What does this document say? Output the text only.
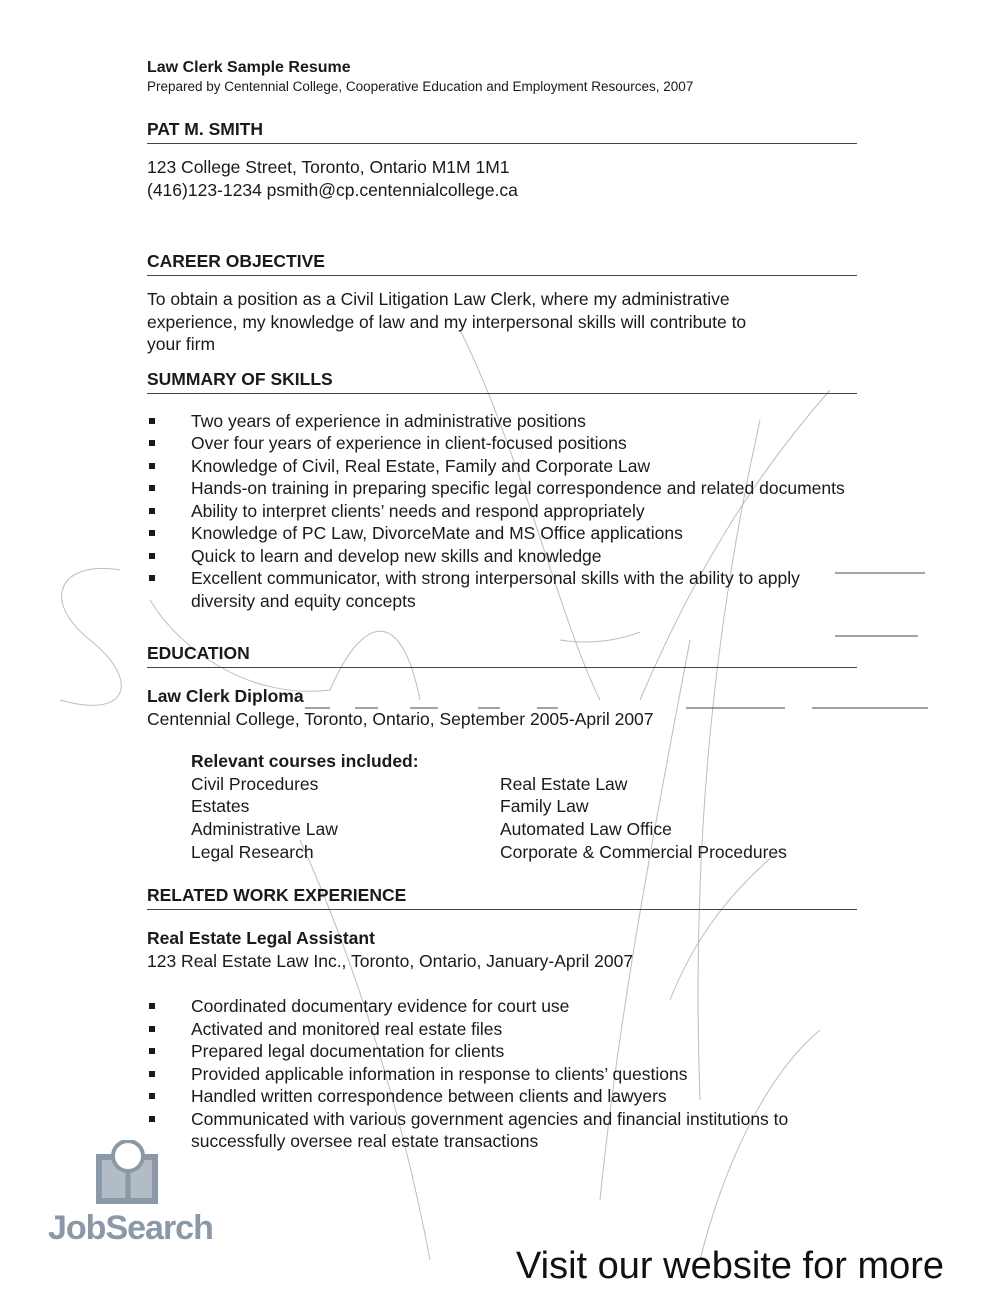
Law Clerk Sample Resume

Prepared by Centennial College, Cooperative Education and Employment Resources, 2007

PAT M. SMITH

123 College Street, Toronto, Ontario M1M 1M1

(416)123-1234 psmith@cp.centennialcollege.ca

CAREER OBJECTIVE

To obtain a position as a Civil Litigation Law Clerk, where my administrative

experience, my knowledge of law and my interpersonal skills will contribute to

your firm

SUMMARY OF SKILLS
Two years of experience in administrative positions
Over four years of experience in client-focused positions
Knowledge of Civil, Real Estate, Family and Corporate Law
Hands-on training in preparing specific legal correspondence and related documents
Ability to interpret clients’ needs and respond appropriately
Knowledge of PC Law, DivorceMate and MS Office applications
Quick to learn and develop new skills and knowledge
Excellent communicator, with strong interpersonal skills with the ability to apply diversity and equity concepts
EDUCATION

Law Clerk Diploma

Centennial College, Toronto, Ontario, September 2005-April 2007

Relevant courses included:

Civil Procedures	Real Estate Law
Estates	Family Law
Administrative Law	Automated Law Office
Legal Research	Corporate & Commercial Procedures
RELATED WORK EXPERIENCE

Real Estate Legal Assistant

123 Real Estate Law Inc., Toronto, Ontario, January-April 2007

Coordinated documentary evidence for court use
Activated and monitored real estate files
Prepared legal documentation for clients
Provided applicable information in response to clients’ questions
Handled written correspondence between clients and lawyers
Communicated with various government agencies and financial institutions to successfully oversee real estate transactions
JobSearch
Visit our website for more
